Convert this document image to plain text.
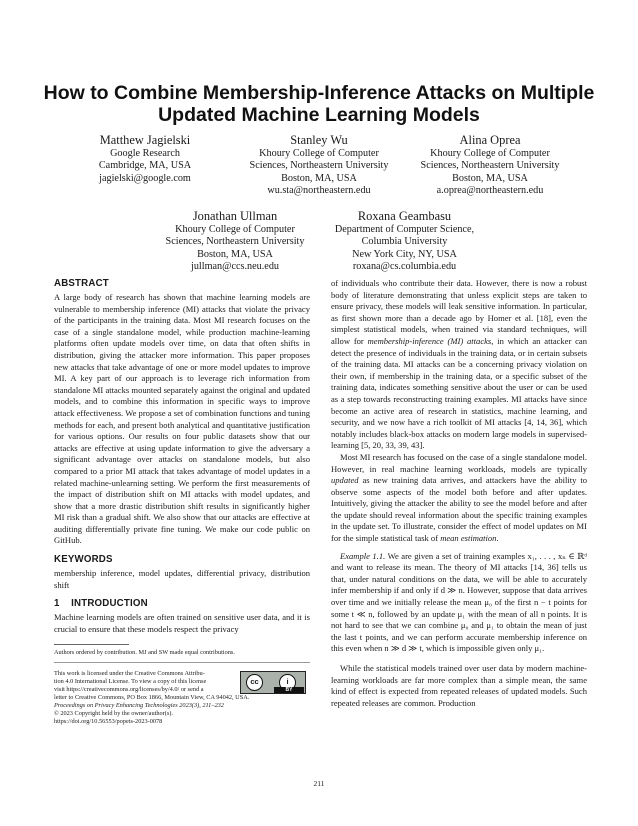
How to Combine Membership-Inference Attacks on Multiple
Updated Machine Learning Models
Matthew Jagielski
Google Research
Cambridge, MA, USA
jagielski@google.com
Stanley Wu
Khoury College of Computer
Sciences, Northeastern University
Boston, MA, USA
wu.sta@northeastern.edu
Alina Oprea
Khoury College of Computer
Sciences, Northeastern University
Boston, MA, USA
a.oprea@northeastern.edu
Jonathan Ullman
Khoury College of Computer
Sciences, Northeastern University
Boston, MA, USA
jullman@ccs.neu.edu
Roxana Geambasu
Department of Computer Science,
Columbia University
New York City, NY, USA
roxana@cs.columbia.edu
ABSTRACT

A large body of research has shown that machine learning models are vulnerable to membership inference (MI) attacks that violate the privacy of the participants in the training data. Most MI research focuses on the case of a single standalone model, while production machine-learning platforms often update models over time, on data that often shifts in distribution, giving the attacker more information. This paper proposes new attacks that take advantage of one or more model updates to improve MI. A key part of our approach is to leverage rich information from standalone MI attacks mounted separately against the original and updated models, and to combine this information in specific ways to improve attack effectiveness. We propose a set of combination functions and tuning methods for each, and present both analytical and quantitative justification for various options. Our results on four public datasets show that our attacks are effective at using update information to give the adversary a significant advantage over attacks on standalone models, but also compared to a prior MI attack that takes advantage of model updates in a related machine-unlearning setting. We perform the first measurements of the impact of distribution shift on MI attacks with model updates, and show that a more drastic distribution shift results in significantly higher MI risk than a gradual shift. We also show that our attacks are effective at auditing differentially private fine tuning. We make our code public on GitHub.

KEYWORDS

membership inference, model updates, differential privacy, distribution shift

1    INTRODUCTION

Machine learning models are often trained on sensitive user data, and it is crucial to ensure that these models respect the privacy

Authors ordered by contribution. MJ and SW made equal contributions.

This work is licensed under the Creative Commons Attribu-
tion 4.0 International License. To view a copy of this license
visit https://creativecommons.org/licenses/by/4.0/ or send a
cc	i
BY
letter to Creative Commons, PO Box 1866, Mountain View, CA 94042, USA.
Proceedings on Privacy Enhancing Technologies 2023(3), 211–232
© 2023 Copyright held by the owner/author(s).
https://doi.org/10.56553/popets-2023-0078

of individuals who contribute their data. However, there is now a robust body of literature demonstrating that unless explicit steps are taken to ensure privacy, these models will leak sensitive information. In particular, as first shown more than a decade ago by Homer et al. [18], even the simplest statistical models, when trained via standard techniques, will allow for membership-inference (MI) attacks, in which an attacker can detect the presence of individuals in the training data, or in certain subsets of the training data. MI attacks can be a concerning privacy violation on their own, if membership in the training data, or a specific subset of the training data, indicates something sensitive about the user or can be used as a step towards reconstructing training examples. MI attacks have since become an active area of research in statistics, machine learning, and security, and we now have a rich toolkit of MI attacks [4, 14, 36], which notably includes black-box attacks on modern large models in supervised-learning [5, 20, 33, 39, 43].

Most MI research has focused on the case of a single standalone model. However, in real machine learning workloads, models are typically updated as new training data arrives, and attackers have the ability to observe some aspects of the model both before and after updates. Intuitively, giving the attacker the ability to see the model before and after the update should reveal information about the specific training examples in the update set. To illustrate, consider the effect of model updates on MI for the simple statistical task of mean estimation.

Example 1.1. We are given a set of training examples x₁, . . . , xₙ ∈ ℝᵈ and want to release its mean. The theory of MI attacks [14, 36] tells us that, under natural conditions on the data, we will be able to accurately infer membership if and only if d ≫ n. However, suppose that data arrives over time and we initially release the mean μ₀ of the first n − t points for some t ≪ n, followed by an update μ₁ with the mean of all n points. It is not hard to see that we can combine μ₀ and μ₁ to obtain the mean of just the last t points, and we can perform accurate membership inference on this even when n ≫ d ≫ t, which is impossible given only μ₁.

While the statistical models trained over user data by modern machine-learning workloads are far more complex than a simple mean, the same kind of effect is expected from repeated releases of updated models. Such repeated releases are common. Production

211
